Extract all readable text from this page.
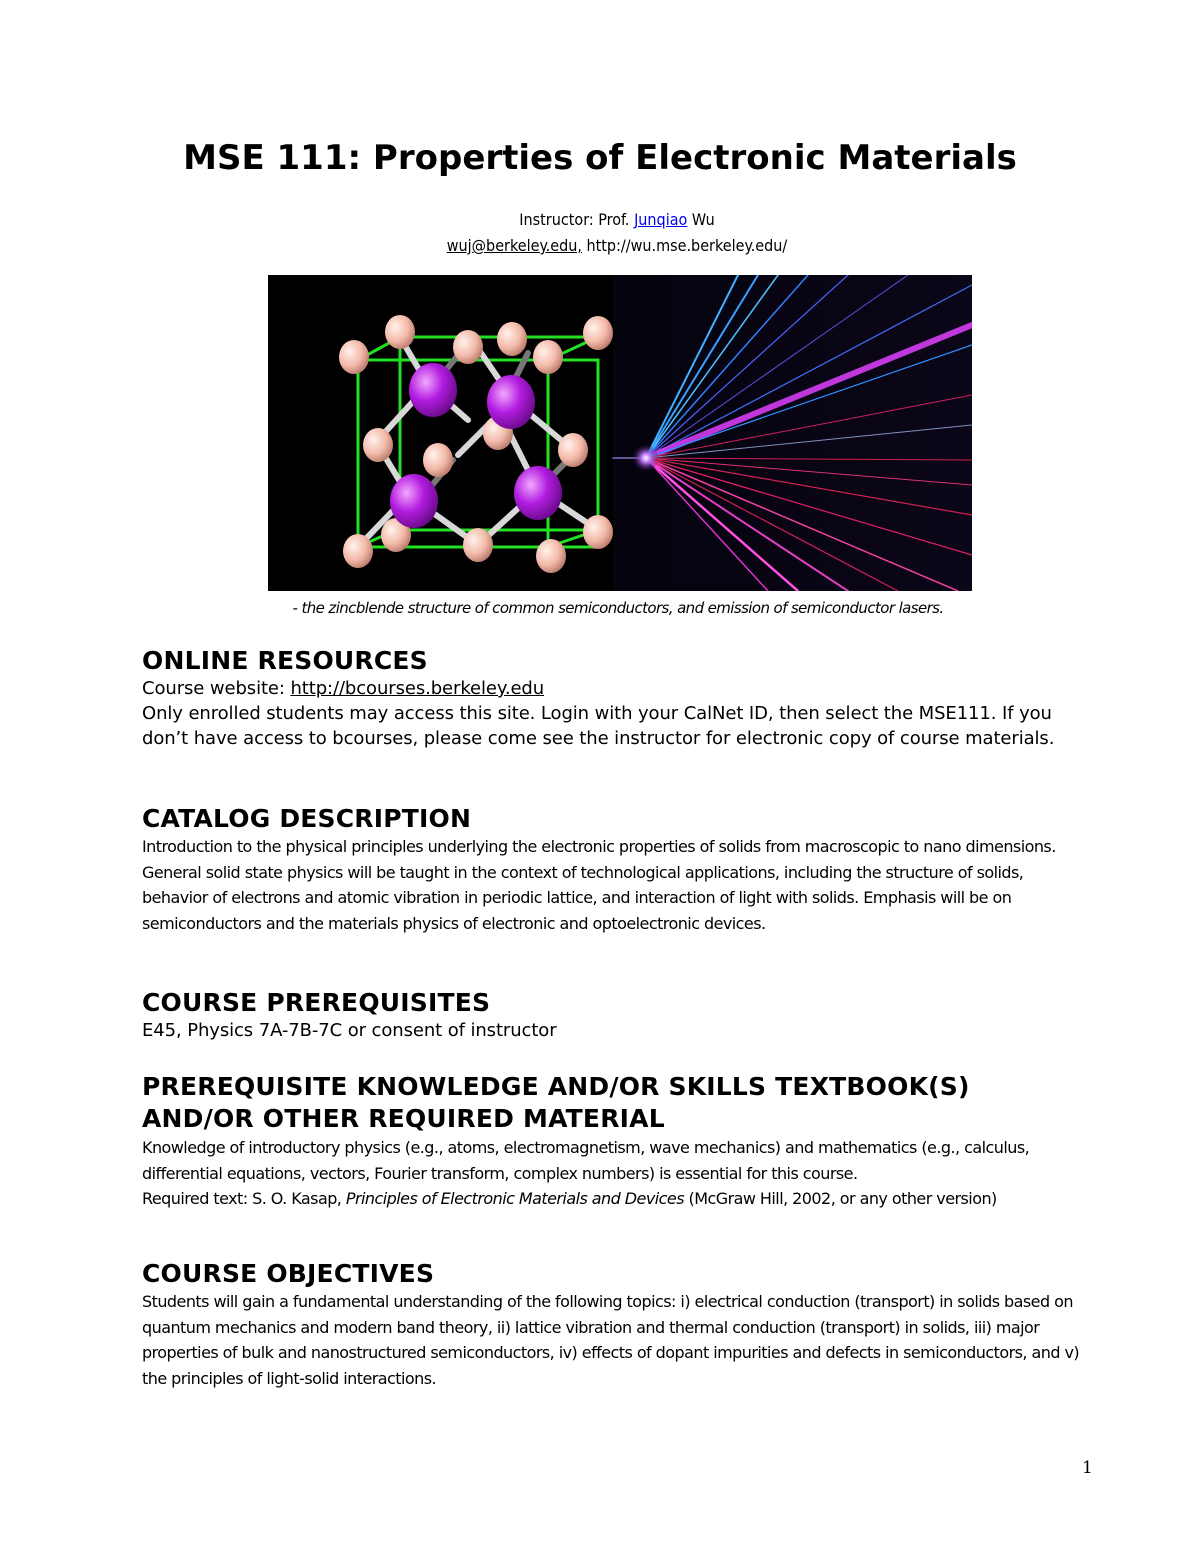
MSE 111: Properties of Electronic Materials
Instructor: Prof. Junqiao Wu
wuj@berkeley.edu, http://wu.mse.berkeley.edu/
- the zincblende structure of common semiconductors, and emission of semiconductor lasers.
ONLINE RESOURCES

Course website: http://bcourses.berkeley.edu

Only enrolled students may access this site. Login with your CalNet ID, then select the MSE111. If you don’t have access to bcourses, please come see the instructor for electronic copy of course materials.

CATALOG DESCRIPTION

Introduction to the physical principles underlying the electronic properties of solids from macroscopic to nano dimensions. General solid state physics will be taught in the context of technological applications, including the structure of solids, behavior of electrons and atomic vibration in periodic lattice, and interaction of light with solids. Emphasis will be on semiconductors and the materials physics of electronic and optoelectronic devices.

COURSE PREREQUISITES

E45, Physics 7A-7B-7C or consent of instructor

PREREQUISITE KNOWLEDGE AND/OR SKILLS TEXTBOOK(S) AND/OR OTHER REQUIRED MATERIAL

Knowledge of introductory physics (e.g., atoms, electromagnetism, wave mechanics) and mathematics (e.g., calculus, differential equations, vectors, Fourier transform, complex numbers) is essential for this course.

Required text: S. O. Kasap, Principles of Electronic Materials and Devices (McGraw Hill, 2002, or any other version)

COURSE OBJECTIVES

Students will gain a fundamental understanding of the following topics: i) electrical conduction (transport) in solids based on quantum mechanics and modern band theory, ii) lattice vibration and thermal conduction (transport) in solids, iii) major properties of bulk and nanostructured semiconductors, iv) effects of dopant impurities and defects in semiconductors, and v) the principles of light-solid interactions.

1
